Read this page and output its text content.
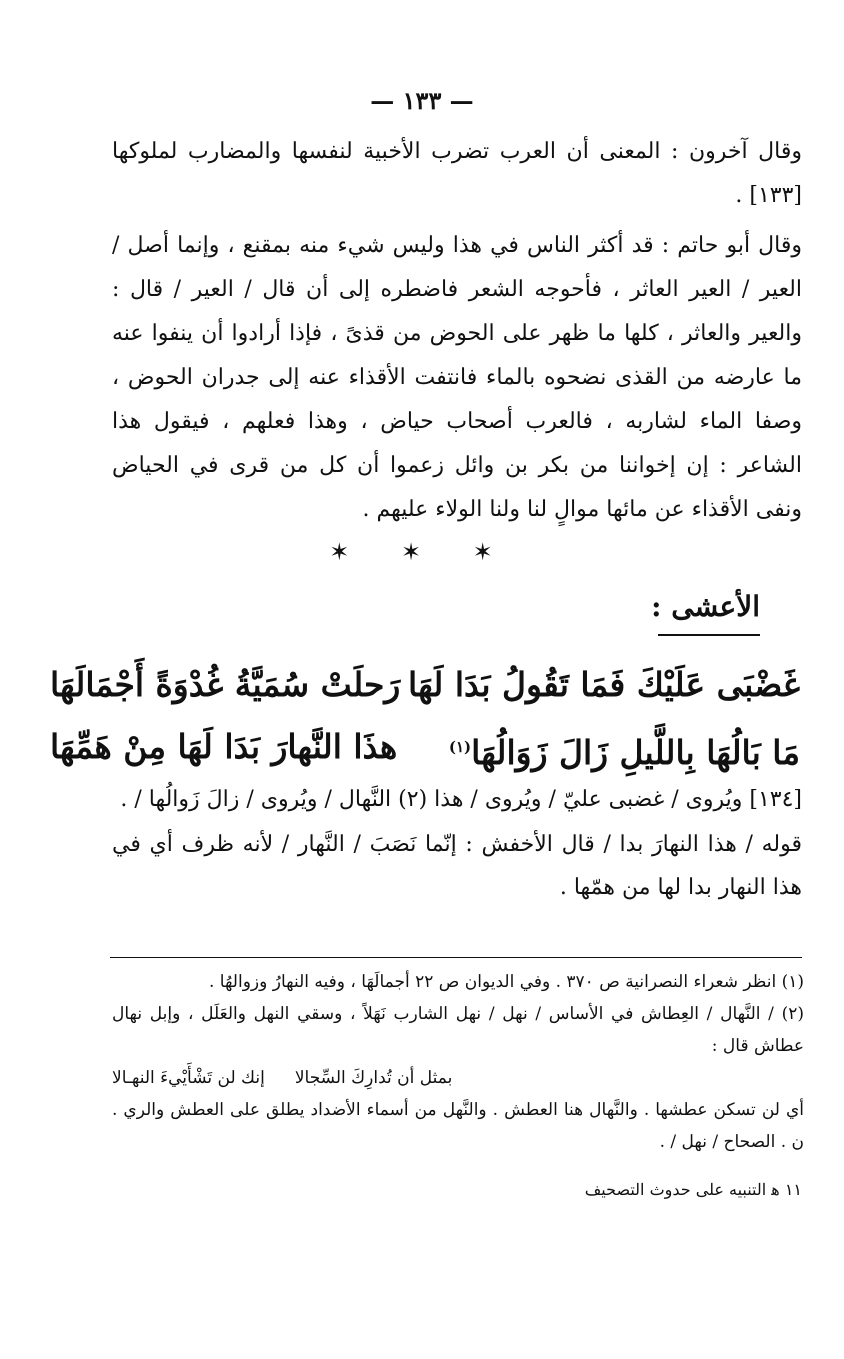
— ١٣٣ —

وقال آخرون : المعنى أن العرب تضرب الأخبية لنفسها والمضارب لملوكها [١٣٣] .

وقال أبو حاتم : قد أكثر الناس في هذا وليس شيء منه بمقنع ، وإنما أصل / العير / العير العاثر ، فأحوجه الشعر فاضطره إلى أن قال / العير / قال : والعير والعاثر ، كلها ما ظهر على الحوض من قذىً ، فإذا أرادوا أن ينفوا عنه ما عارضه من القذى نضحوه بالماء فانتفت الأقذاء عنه إلى جدران الحوض ، وصفا الماء لشاربه ، فالعرب أصحاب حياض ، وهذا فعلهم ، فيقول هذا الشاعر : إن إخواننا من بكر بن وائل زعموا أن كل من قرى في الحياض ونفى الأقذاء عن مائها موالٍ لنا ولنا الولاء عليهم .

✶ ✶ ✶
الأعشى :
رَحلَتْ سُمَيَّةُ غُدْوَةً أَجْمَالَهَا غَضْبَى عَلَيْكَ فَمَا تَقُولُ بَدَا لَهَا
هذَا النَّهارَ بَدَا لَهَا مِنْ هَمِّهَا	مَا بَالُهَا بِاللَّيلِ زَالَ زَوَالُهَا$^{(١)}$

[١٣٤] ويُروى / غضبى عليّ / ويُروى / هذا (٢) النَّهال / ويُروى / زالَ زَوالُها / .

قوله / هذا النهارَ بدا / قال الأخفش : إنّما نَصَبَ / النَّهار / لأنه ظرف أي في هذا النهار بدا لها من همّها .

(١) انظر شعراء النصرانية ص ٣٧٠ . وفي الديوان ص ٢٢ أجمالَهَا ، وفيه النهارُ وزوالهُا .

(٢) / النَّهال / العِطاش في الأساس / نهل / نهل الشارب نَهَلاً ، وسقي النهل والعَلَل ، وإبل نهال عطاش قال :

إنك لن تَشْأَيْيءَ النهـالا بمثل أن تُدارِكَ السِّجالا

أي لن تسكن عطشها . والنَّهال هنا العطش . والنَّهل من أسماء الأضداد يطلق على العطش والري . ن . الصحاح / نهل / .

١١ ﻫ التنبيه على حدوث التصحيف
